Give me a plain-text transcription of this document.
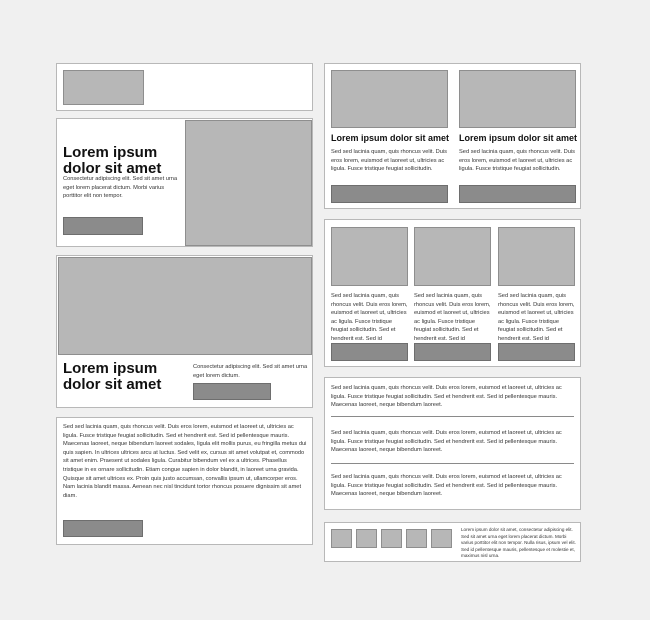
Lorem ipsum
dolor sit amet

Consectetur adipiscing elit. Sed sit amet urna eget lorem placerat dictum. Morbi varius porttitor elit non tempor.

Lorem ipsum
dolor sit amet

Consectetur adipiscing elit. Sed sit amet urna eget lorem dictum.

Sed sed lacinia quam, quis rhoncus velit. Duis eros lorem, euismod et laoreet ut, ultricies ac ligula. Fusce tristique feugiat sollicitudin. Sed et hendrerit est. Sed id pellentesque mauris. Maecenas laoreet, neque bibendum laoreet sodales, ligula elit mollis purus, eu fringilla metus dui quis sapien. In ultrices ultrices arcu at luctus. Sed velit ex, cursus sit amet volutpat et, commodo sit amet enim. Praesent ut sodales ligula. Curabitur bibendum vel ex a ultrices. Phasellus tristique in ex ornare sollicitudin. Etiam congue sapien in dolor blandit, in laoreet urna gravida. Quisque sit amet ultrices ex. Proin quis justo accumsan, convallis ipsum ut, ullamcorper eros. Nam lacinia blandit massa. Aenean nec nisl tincidunt tortor rhoncus posuere dignissim sit amet diam.

Lorem ipsum dolor sit amet

Sed sed lacinia quam, quis rhoncus velit. Duis eros lorem, euismod et laoreet ut, ultricies ac ligula. Fusce tristique feugiat sollicitudin.

Lorem ipsum dolor sit amet

Sed sed lacinia quam, quis rhoncus velit. Duis eros lorem, euismod et laoreet ut, ultricies ac ligula. Fusce tristique feugiat sollicitudin.

Sed sed lacinia quam, quis rhoncus velit. Duis eros lorem, euismod et laoreet ut, ultricies ac ligula. Fusce tristique feugiat sollicitudin. Sed et hendrerit est. Sed id

Sed sed lacinia quam, quis rhoncus velit. Duis eros lorem, euismod et laoreet ut, ultricies ac ligula. Fusce tristique feugiat sollicitudin. Sed et hendrerit est. Sed id

Sed sed lacinia quam, quis rhoncus velit. Duis eros lorem, euismod et laoreet ut, ultricies ac ligula. Fusce tristique feugiat sollicitudin. Sed et hendrerit est. Sed id

Sed sed lacinia quam, quis rhoncus velit. Duis eros lorem, euismod et laoreet ut, ultricies ac ligula. Fusce tristique feugiat sollicitudin. Sed et hendrerit est. Sed id pellentesque mauris. Maecenas laoreet, neque bibendum laoreet.

Sed sed lacinia quam, quis rhoncus velit. Duis eros lorem, euismod et laoreet ut, ultricies ac ligula. Fusce tristique feugiat sollicitudin. Sed et hendrerit est. Sed id pellentesque mauris. Maecenas laoreet, neque bibendum laoreet.

Sed sed lacinia quam, quis rhoncus velit. Duis eros lorem, euismod et laoreet ut, ultricies ac ligula. Fusce tristique feugiat sollicitudin. Sed et hendrerit est. Sed id pellentesque mauris. Maecenas laoreet, neque bibendum laoreet.

Lorem ipsum dolor sit amet, consectetur adipiscing elit. Sed sit amet urna eget lorem placerat dictum. Morbi varius porttitor elit non tempor. Nulla risus, ipsum vel elit. Sed id pellentesque mauris, pellentesque et molestie et, maximus nisl urna.
